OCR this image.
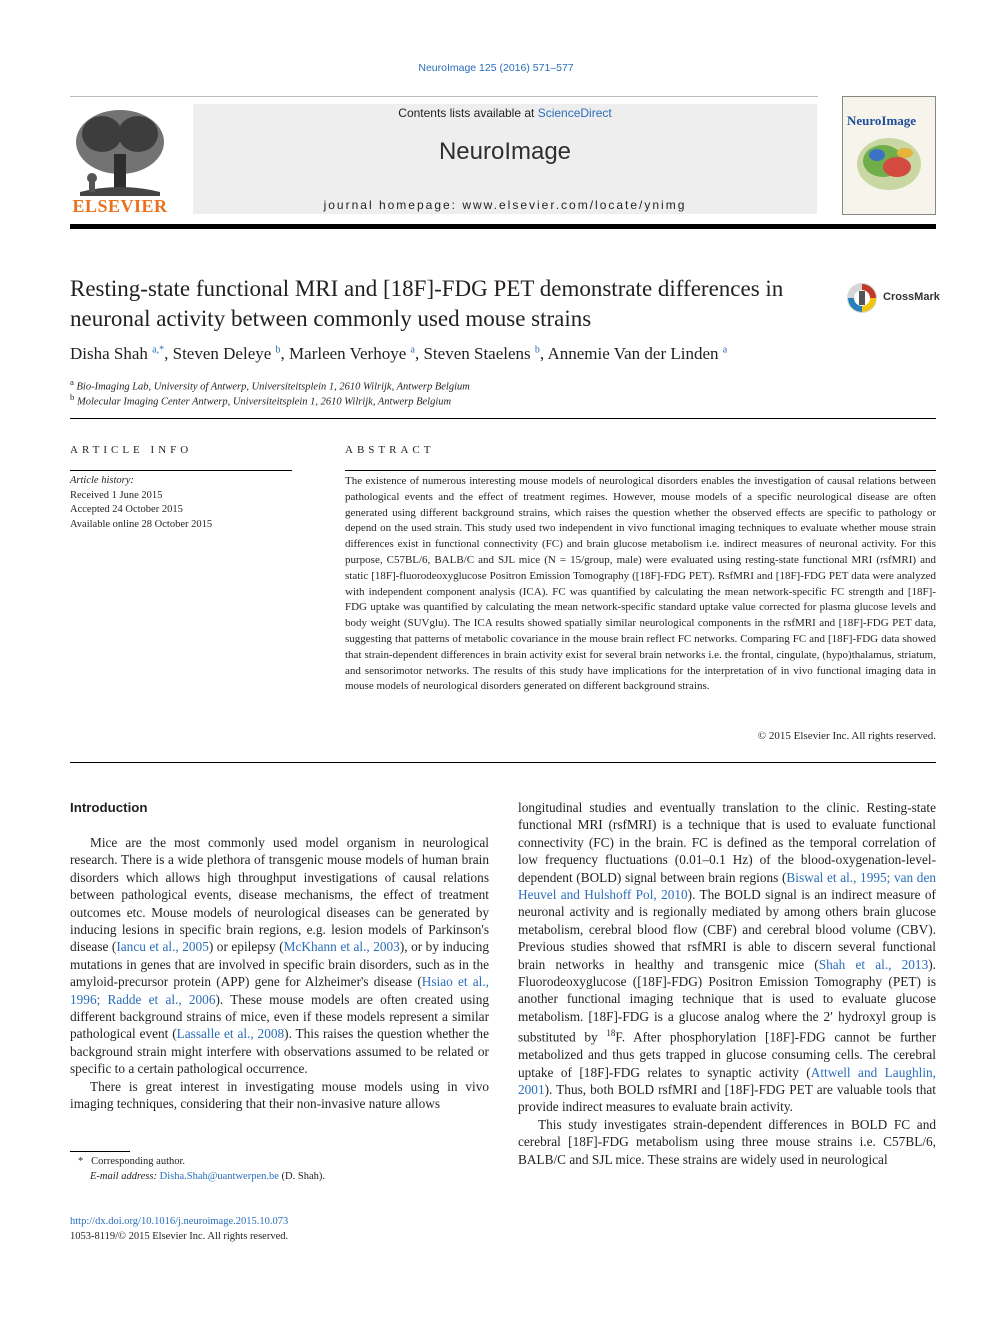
NeuroImage 125 (2016) 571–577
Contents lists available at ScienceDirect
NeuroImage
journal homepage: www.elsevier.com/locate/ynimg
ELSEVIER
NeuroImage
Resting-state functional MRI and [18F]-FDG PET demonstrate differences in neuronal activity between commonly used mouse strains
CrossMark
Disha Shah $^{a,*}$, Steven Deleye $^b$, Marleen Verhoye $^a$, Steven Staelens $^b$, Annemie Van der Linden $^a$
$^a$ Bio-Imaging Lab, University of Antwerp, Universiteitsplein 1, 2610 Wilrijk, Antwerp Belgium
$^b$ Molecular Imaging Center Antwerp, Universiteitsplein 1, 2610 Wilrijk, Antwerp Belgium
ARTICLE INFO
Article history:
Received 1 June 2015
Accepted 24 October 2015
Available online 28 October 2015
ABSTRACT
The existence of numerous interesting mouse models of neurological disorders enables the investigation of causal relations between pathological events and the effect of treatment regimes. However, mouse models of a specific neurological disease are often generated using different background strains, which raises the question whether the observed effects are specific to pathology or depend on the used strain. This study used two independent in vivo functional imaging techniques to evaluate whether mouse strain differences exist in functional connectivity (FC) and brain glucose metabolism i.e. indirect measures of neuronal activity. For this purpose, C57BL/6, BALB/C and SJL mice (N = 15/group, male) were evaluated using resting-state functional MRI (rsfMRI) and static [18F]-fluorodeoxyglucose Positron Emission Tomography ([18F]-FDG PET). RsfMRI and [18F]-FDG PET data were analyzed with independent component analysis (ICA). FC was quantified by calculating the mean network-specific FC strength and [18F]-FDG uptake was quantified by calculating the mean network-specific standard uptake value corrected for plasma glucose levels and body weight (SUVglu). The ICA results showed spatially similar neurological components in the rsfMRI and [18F]-FDG PET data, suggesting that patterns of metabolic covariance in the mouse brain reflect FC networks. Comparing FC and [18F]-FDG data showed that strain-dependent differences in brain activity exist for several brain networks i.e. the frontal, cingulate, (hypo)thalamus, striatum, and sensorimotor networks. The results of this study have implications for the interpretation of in vivo functional imaging data in mouse models of neurological disorders generated on different background strains.
© 2015 Elsevier Inc. All rights reserved.
Introduction

Mice are the most commonly used model organism in neurological research. There is a wide plethora of transgenic mouse models of human brain disorders which allows high throughput investigations of causal relations between pathological events, disease mechanisms, the effect of treatment outcomes etc. Mouse models of neurological diseases can be generated by inducing lesions in specific brain regions, e.g. lesion models of Parkinson's disease (Iancu et al., 2005) or epilepsy (McKhann et al., 2003), or by inducing mutations in genes that are involved in specific brain disorders, such as in the amyloid-precursor protein (APP) gene for Alzheimer's disease (Hsiao et al., 1996; Radde et al., 2006). These mouse models are often created using different background strains of mice, even if these models represent a similar pathological event (Lassalle et al., 2008). This raises the question whether the background strain might interfere with observations assumed to be related or specific to a certain pathological occurrence.

There is great interest in investigating mouse models using in vivo imaging techniques, considering that their non-invasive nature allows

longitudinal studies and eventually translation to the clinic. Resting-state functional MRI (rsfMRI) is a technique that is used to evaluate functional connectivity (FC) in the brain. FC is defined as the temporal correlation of low frequency fluctuations (0.01–0.1 Hz) of the blood-oxygenation-level-dependent (BOLD) signal between brain regions (Biswal et al., 1995; van den Heuvel and Hulshoff Pol, 2010). The BOLD signal is an indirect measure of neuronal activity and is regionally mediated by among others brain glucose metabolism, cerebral blood flow (CBF) and cerebral blood volume (CBV). Previous studies showed that rsfMRI is able to discern several functional brain networks in healthy and transgenic mice (Shah et al., 2013). Fluorodeoxyglucose ([18F]-FDG) Positron Emission Tomography (PET) is another functional imaging technique that is used to evaluate glucose metabolism. [18F]-FDG is a glucose analog where the 2′ hydroxyl group is substituted by $^{18}$F. After phosphorylation [18F]-FDG cannot be further metabolized and thus gets trapped in glucose consuming cells. The cerebral uptake of [18F]-FDG relates to synaptic activity (Attwell and Laughlin, 2001). Thus, both BOLD rsfMRI and [18F]-FDG PET are valuable tools that provide indirect measures to evaluate brain activity.

This study investigates strain-dependent differences in BOLD FC and cerebral [18F]-FDG metabolism using three mouse strains i.e. C57BL/6, BALB/C and SJL mice. These strains are widely used in neurological

* Corresponding author.
E-mail address: Disha.Shah@uantwerpen.be (D. Shah).
http://dx.doi.org/10.1016/j.neuroimage.2015.10.073
1053-8119/© 2015 Elsevier Inc. All rights reserved.
